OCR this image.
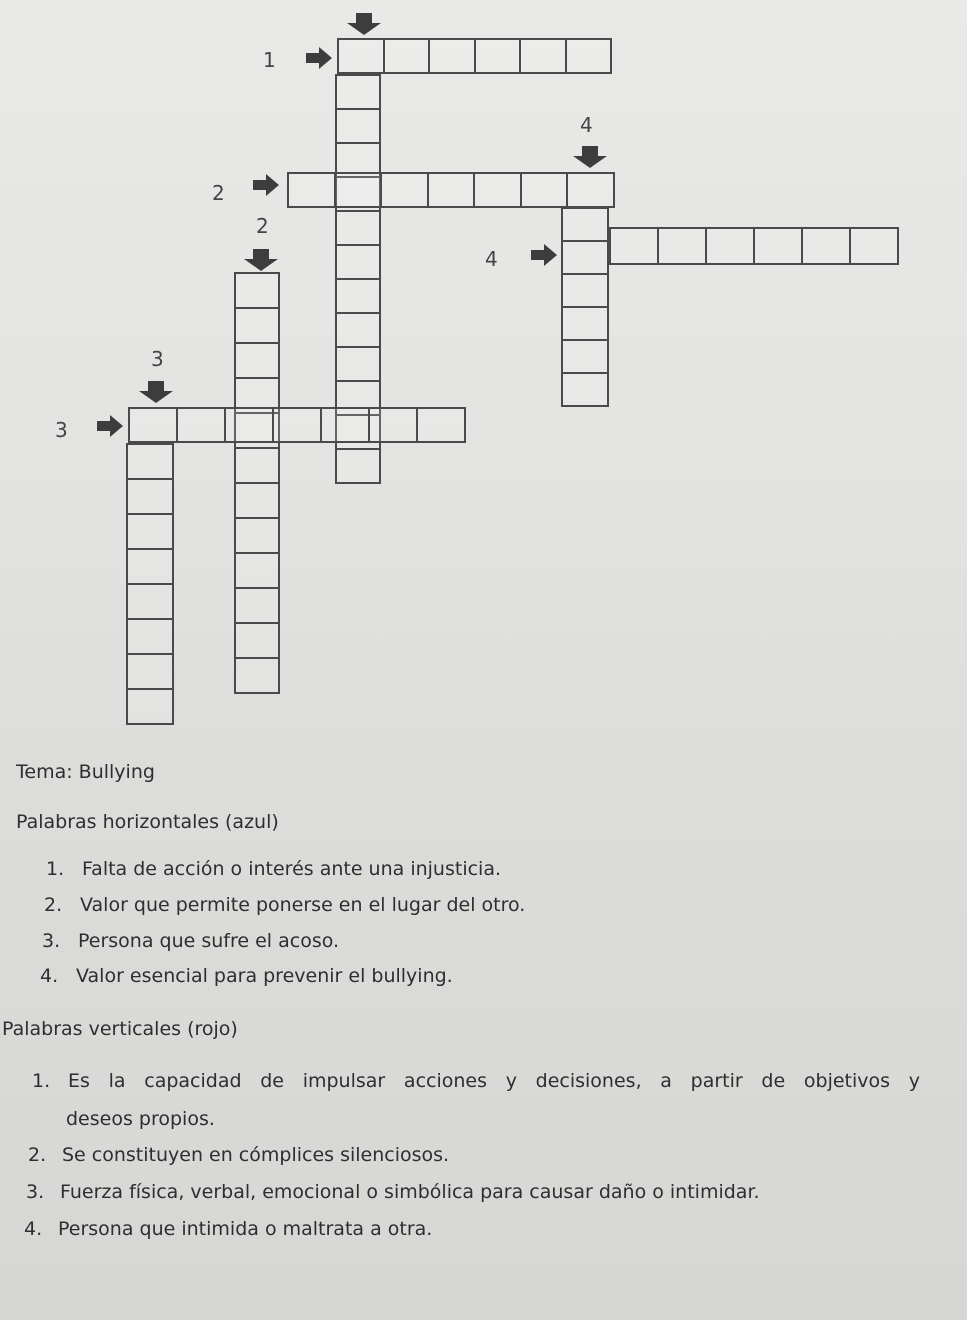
1
2
2
3
3
4
4
Tema: Bullying
Palabras horizontales (azul)
1. Falta de acción o interés ante una injusticia.
2. Valor que permite ponerse en el lugar del otro.
3. Persona que sufre el acoso.
4. Valor esencial para prevenir el bullying.
Palabras verticales (rojo)
1. Es la capacidad de impulsar acciones y decisiones, a partir de objetivos y
deseos propios.
2. Se constituyen en cómplices silenciosos.
3. Fuerza física, verbal, emocional o simbólica para causar daño o intimidar.
4. Persona que intimida o maltrata a otra.
